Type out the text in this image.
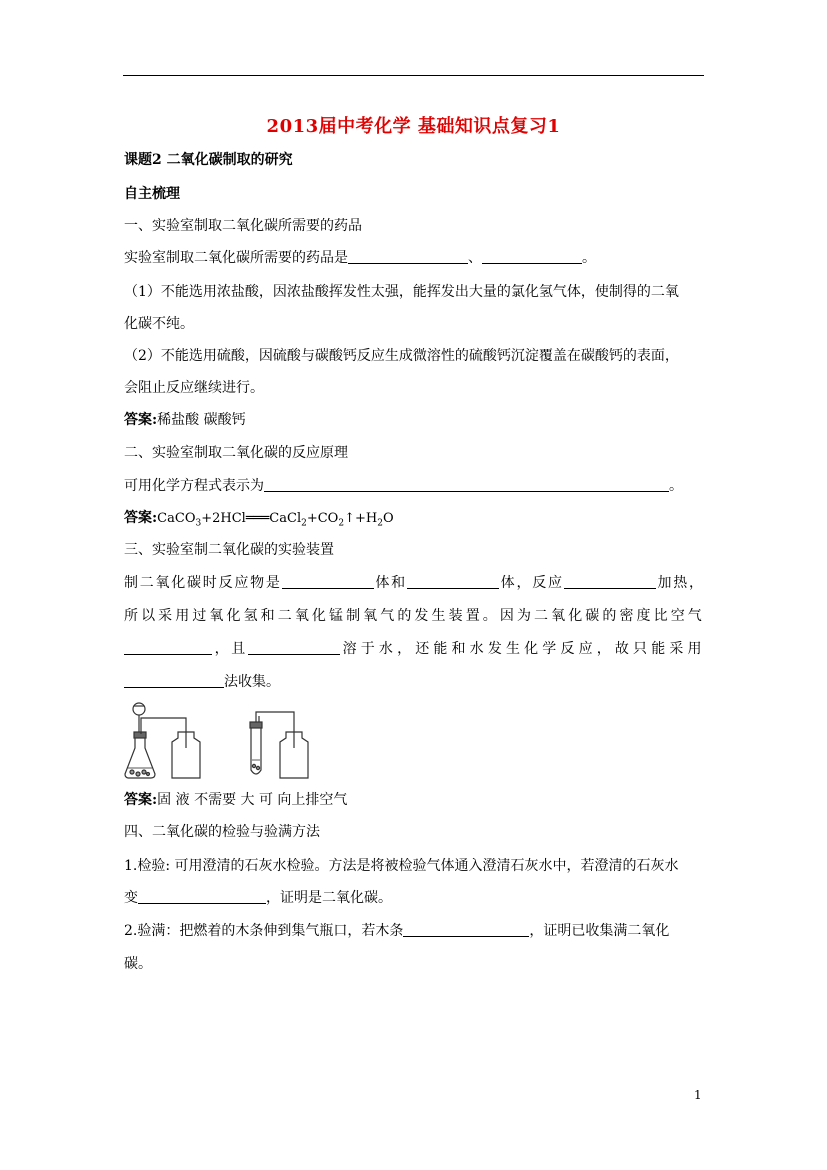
2013届中考化学 基础知识点复习1
课题2 二氧化碳制取的研究
自主梳理
一、实验室制取二氧化碳所需要的药品
实验室制取二氧化碳所需要的药品是	、	。
（1）不能选用浓盐酸，因浓盐酸挥发性太强，能挥发出大量的氯化氢气体，使制得的二氧
化碳不纯。
（2）不能选用硫酸，因硫酸与碳酸钙反应生成微溶性的硫酸钙沉淀覆盖在碳酸钙的表面，
会阻止反应继续进行。
答案:稀盐酸 碳酸钙
二、实验室制取二氧化碳的反应原理
可用化学方程式表示为	。
答案$:CaCO_3+2HCl═══CaCl_2+CO_2↑+H_2O$
三、实验室制二氧化碳的实验装置
制二氧化碳时反应物是	体和	体，反应	加热，
所以采用过氧化氢和二氧化锰制氧气的发生装置。因为二氧化碳的密度比空气
，且	溶于水，还能和水发生化学反应，故只能采用
法收集。
答案:固 液 不需要 大 可 向上排空气
四、二氧化碳的检验与验满方法
1.检验: 可用澄清的石灰水检验。方法是将被检验气体通入澄清石灰水中，若澄清的石灰水
变	，证明是二氧化碳。
2.验满：把燃着的木条伸到集气瓶口，若木条	，证明已收集满二氧化
碳。
1
